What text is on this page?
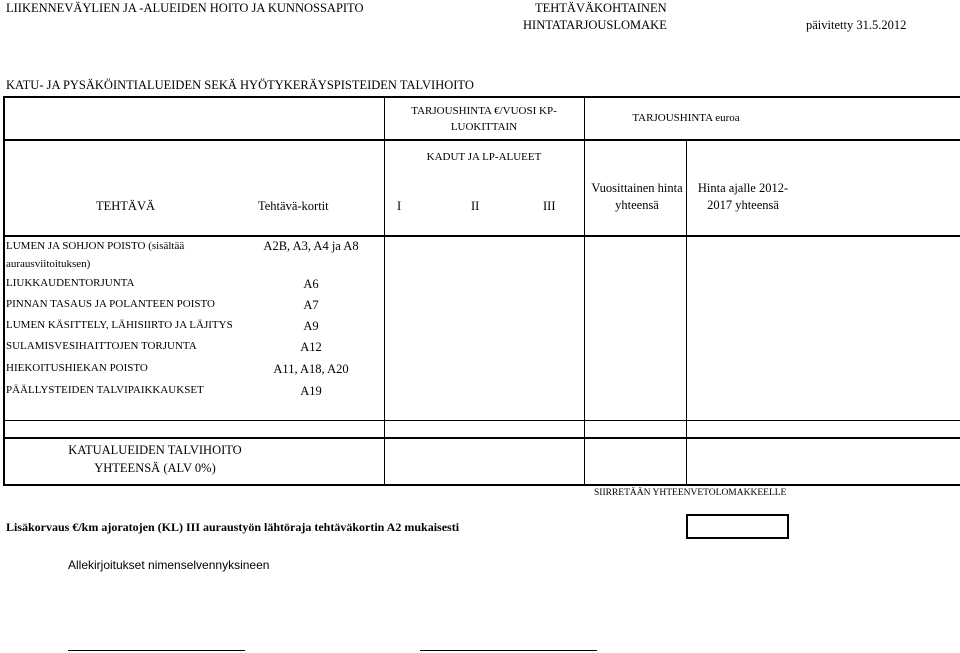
LIIKENNEVÄYLIEN JA -ALUEIDEN HOITO JA KUNNOSSAPITO	TEHTÄVÄKOHTAINEN
HINTATARJOUSLOMAKE	päivitetty 31.5.2012
KATU- JA PYSÄKÖINTIALUEIDEN SEKÄ HYÖTYKERÄYSPISTEIDEN TALVIHOITO
TARJOUSHINTA €/VUOSI KP-LUOKITTAIN
TARJOUSHINTA euroa
KADUT JA LP-ALUEET
TEHTÄVÄ	Tehtävä-kortit	I	II	III
Vuosittainen hinta yhteensä
Hinta ajalle 2012-2017 yhteensä
LUMEN JA SOHJON POISTO (sisältää aurausviitoituksen)
A2B, A3, A4 ja A8
LIUKKAUDENTORJUNTA	A6
PINNAN TASAUS JA POLANTEEN POISTO	A7
LUMEN KÄSITTELY, LÄHISIIRTO JA LÄJITYS	A9
SULAMISVESIHAITTOJEN TORJUNTA	A12
HIEKOITUSHIEKAN POISTO	A11, A18, A20
PÄÄLLYSTEIDEN TALVIPAIKKAUKSET	A19
KATUALUEIDEN TALVIHOITO
YHTEENSÄ (ALV 0%)
SIIRRETÄÄN YHTEENVETOLOMAKKEELLE
Lisäkorvaus €/km ajoratojen (KL) III auraustyön lähtöraja tehtäväkortin A2 mukaisesti
Allekirjoitukset nimenselvennyksineen
